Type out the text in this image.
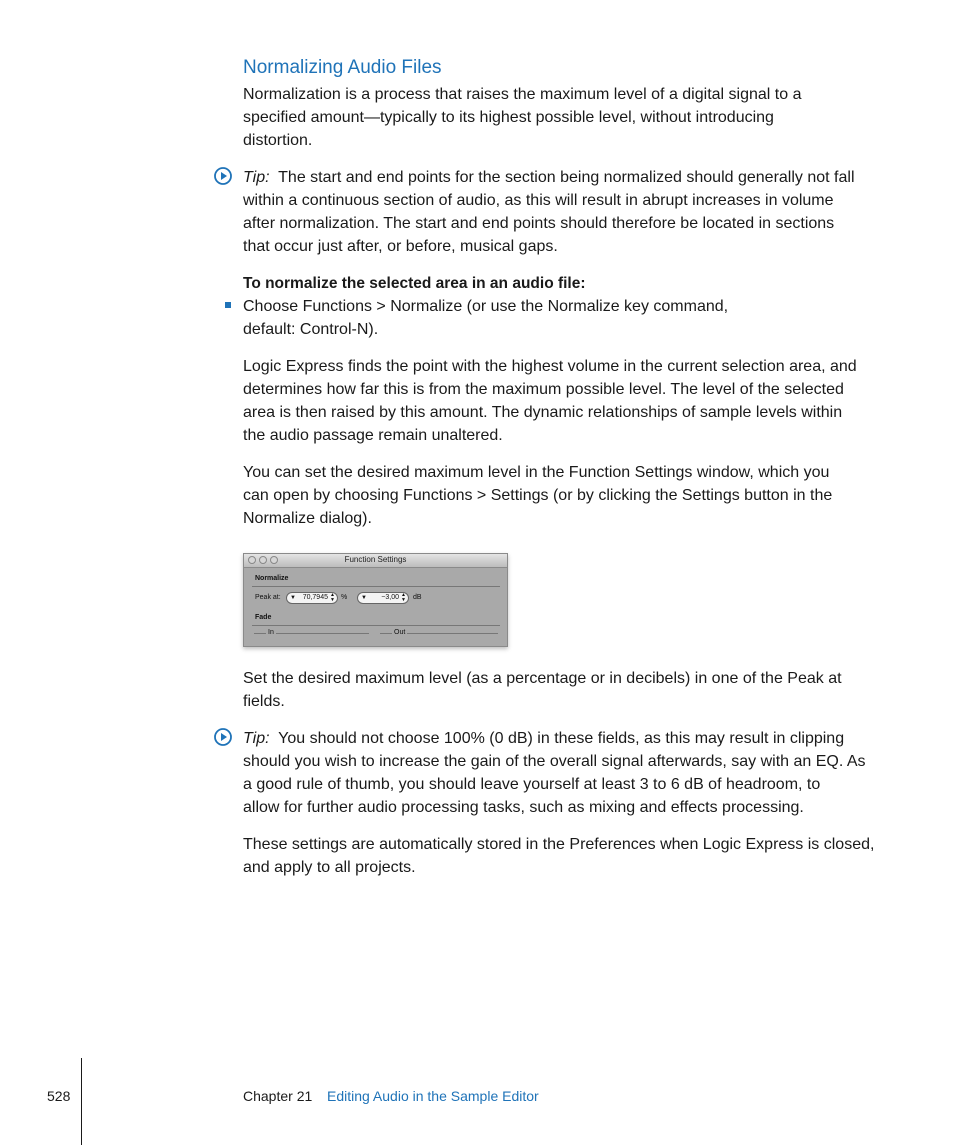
Normalizing Audio Files
Normalization is a process that raises the maximum level of a digital signal to a
specified amount—typically to its highest possible level, without introducing
distortion.
Tip: The start and end points for the section being normalized should generally not fall
within a continuous section of audio, as this will result in abrupt increases in volume
after normalization. The start and end points should therefore be located in sections
that occur just after, or before, musical gaps.
To normalize the selected area in an audio file:
Choose Functions > Normalize (or use the Normalize key command,
default: Control-N).
Logic Express finds the point with the highest volume in the current selection area, and
determines how far this is from the maximum possible level. The level of the selected
area is then raised by this amount. The dynamic relationships of sample levels within
the audio passage remain unaltered.
You can set the desired maximum level in the Function Settings window, which you
can open by choosing Functions > Settings (or by clicking the Settings button in the
Normalize dialog).
Function Settings
Normalize
Peak at: ▼ 70,7945 ▲
▼ % ▼ −3,00 ▲
▼ dB
Fade
In	Out
Set the desired maximum level (as a percentage or in decibels) in one of the Peak at
fields.
Tip: You should not choose 100% (0 dB) in these fields, as this may result in clipping
should you wish to increase the gain of the overall signal afterwards, say with an EQ. As
a good rule of thumb, you should leave yourself at least 3 to 6 dB of headroom, to
allow for further audio processing tasks, such as mixing and effects processing.
These settings are automatically stored in the Preferences when Logic Express is closed,
and apply to all projects.
528	Chapter 21 Editing Audio in the Sample Editor
